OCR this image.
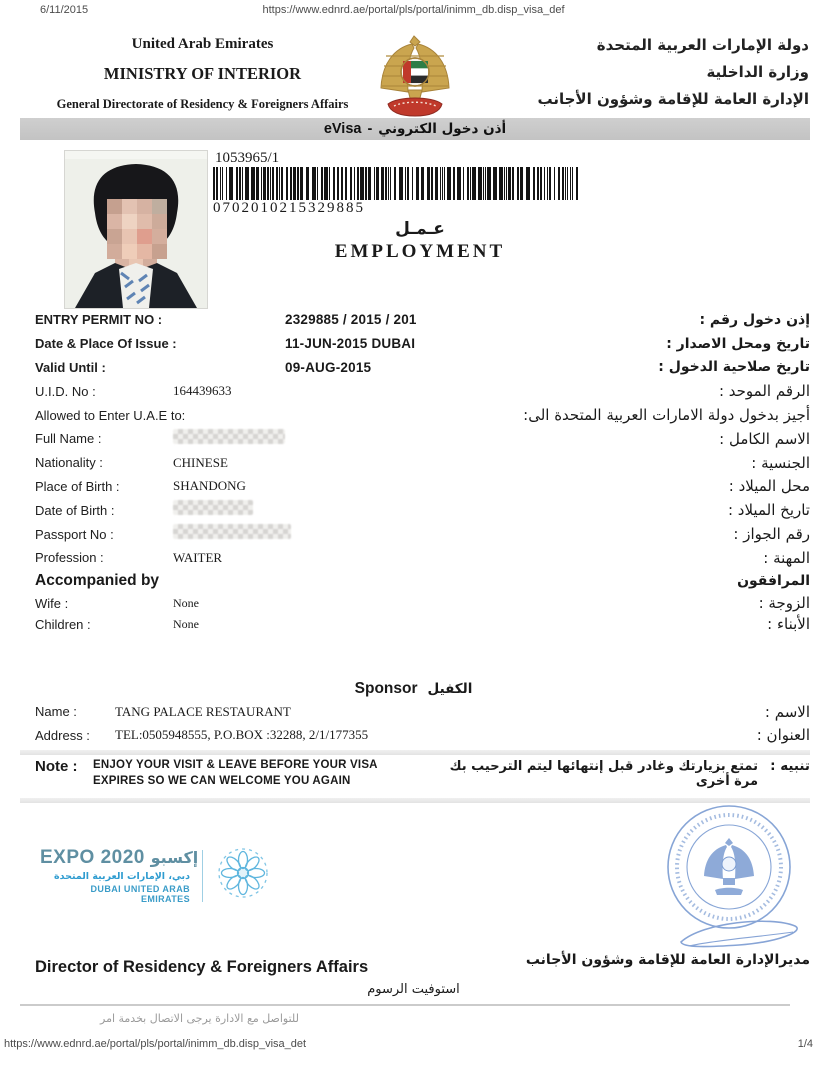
6/11/2015	https://www.ednrd.ae/portal/pls/portal/inimm_db.disp_visa_def
United Arab Emirates
MINISTRY OF INTERIOR
General Directorate of Residency & Foreigners Affairs
دولة الإمارات العربية المتحدة
وزارة الداخلية
الإدارة العامة للإقامة وشؤون الأجانب
eVisa - أذن دخول الكتروني
1053965/1
0702010215329885
عـمـل
EMPLOYMENT
ENTRY PERMIT NO :	2329885 / 2015 / 201	إذن دخول رقم :
Date & Place Of Issue :	11-JUN-2015 DUBAI	تاريخ ومحل الاصدار :
Valid Until :	09-AUG-2015	تاريخ صلاحية الدخول :
U.I.D. No :	164439633	الرقم الموحد :
Allowed to Enter U.A.E to:	أجيز بدخول دولة الامارات العربية المتحدة الى:
Full Name :	الاسم الكامل :
Nationality :	CHINESE	الجنسية :
Place of Birth :	SHANDONG	محل الميلاد :
Date of Birth :	تاريخ الميلاد :
Passport No :	رقم الجواز :
Profession :	WAITER	المهنة :
Accompanied by	المرافقون
Wife :	None	الزوجة :
Children :	None	الأبناء :
Sponsor الكفيل
Name :	TANG PALACE RESTAURANT	الاسم :
Address :	TEL:0505948555, P.O.BOX :32288, 2/1/177355	العنوان :
Note :	ENJOY YOUR VISIT & LEAVE BEFORE YOUR VISA
EXPIRES SO WE CAN WELCOME YOU AGAIN
تمتع بزيارتك وغادر قبل إنتهائها ليتم الترحيب بك مرة أخرى
تنبيه :
EXPO 2020 إكسبو
دبي، الإمارات العربية المتحدة
DUBAI UNITED ARAB EMIRATES
Director of Residency & Foreigners Affairs	مديرالإدارة العامة للإقامة وشؤون الأجانب
استوفيت الرسوم
للتواصل مع الادارة يرجى الاتصال بخدمة امر
https://www.ednrd.ae/portal/pls/portal/inimm_db.disp_visa_det	1/4
